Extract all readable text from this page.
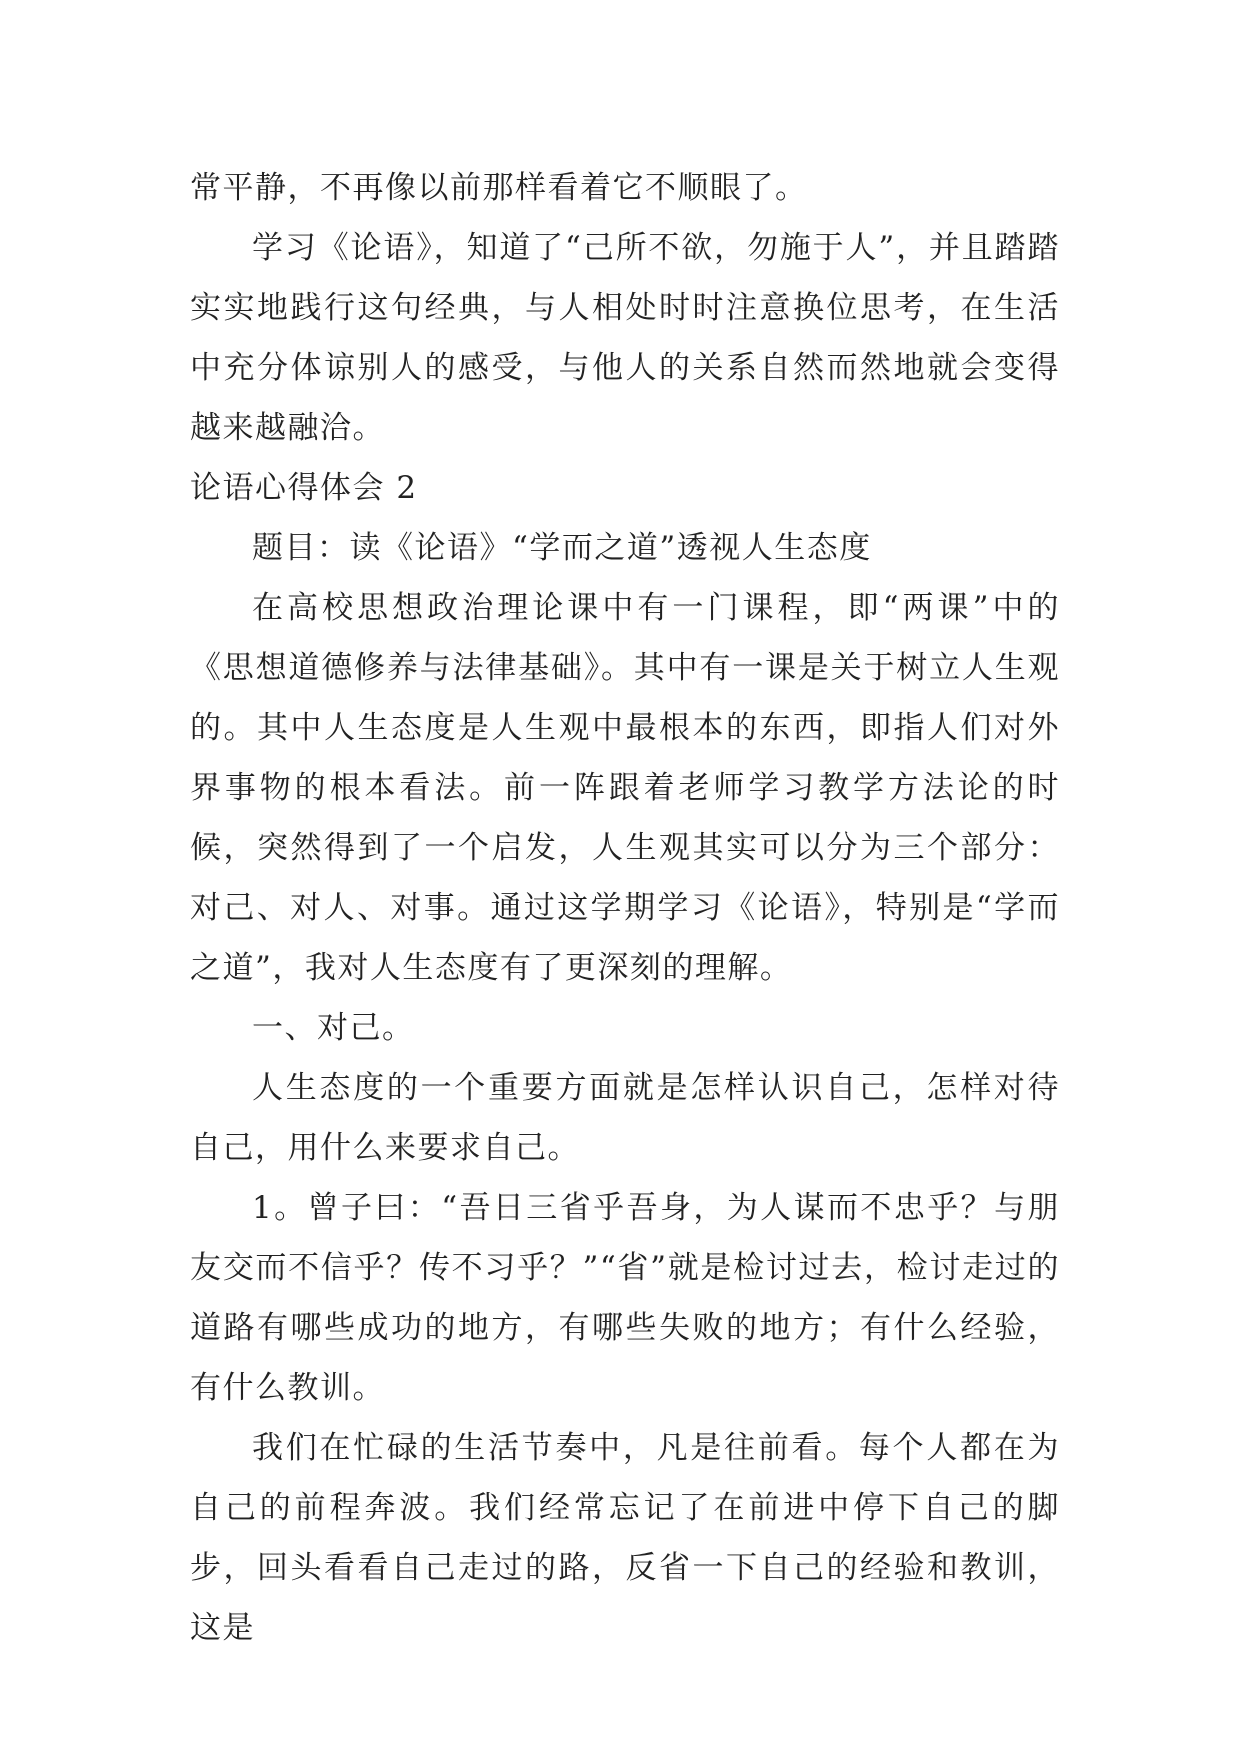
常平静，不再像以前那样看着它不顺眼了。

学习《论语》，知道了“己所不欲，勿施于人”，并且踏踏实实地践行这句经典，与人相处时时注意换位思考，在生活中充分体谅别人的感受，与他人的关系自然而然地就会变得越来越融洽。

论语心得体会 2

题目：读《论语》“学而之道”透视人生态度

在高校思想政治理论课中有一门课程，即“两课”中的《思想道德修养与法律基础》。其中有一课是关于树立人生观的。其中人生态度是人生观中最根本的东西，即指人们对外界事物的根本看法。前一阵跟着老师学习教学方法论的时候，突然得到了一个启发，人生观其实可以分为三个部分：对己、对人、对事。通过这学期学习《论语》，特别是“学而之道”，我对人生态度有了更深刻的理解。

一、对己。

人生态度的一个重要方面就是怎样认识自己，怎样对待自己，用什么来要求自己。

1。曾子曰：“吾日三省乎吾身，为人谋而不忠乎？与朋友交而不信乎？传不习乎？”“省”就是检讨过去，检讨走过的道路有哪些成功的地方，有哪些失败的地方；有什么经验，有什么教训。

我们在忙碌的生活节奏中，凡是往前看。每个人都在为自己的前程奔波。我们经常忘记了在前进中停下自己的脚步，回头看看自己走过的路，反省一下自己的经验和教训，这是
